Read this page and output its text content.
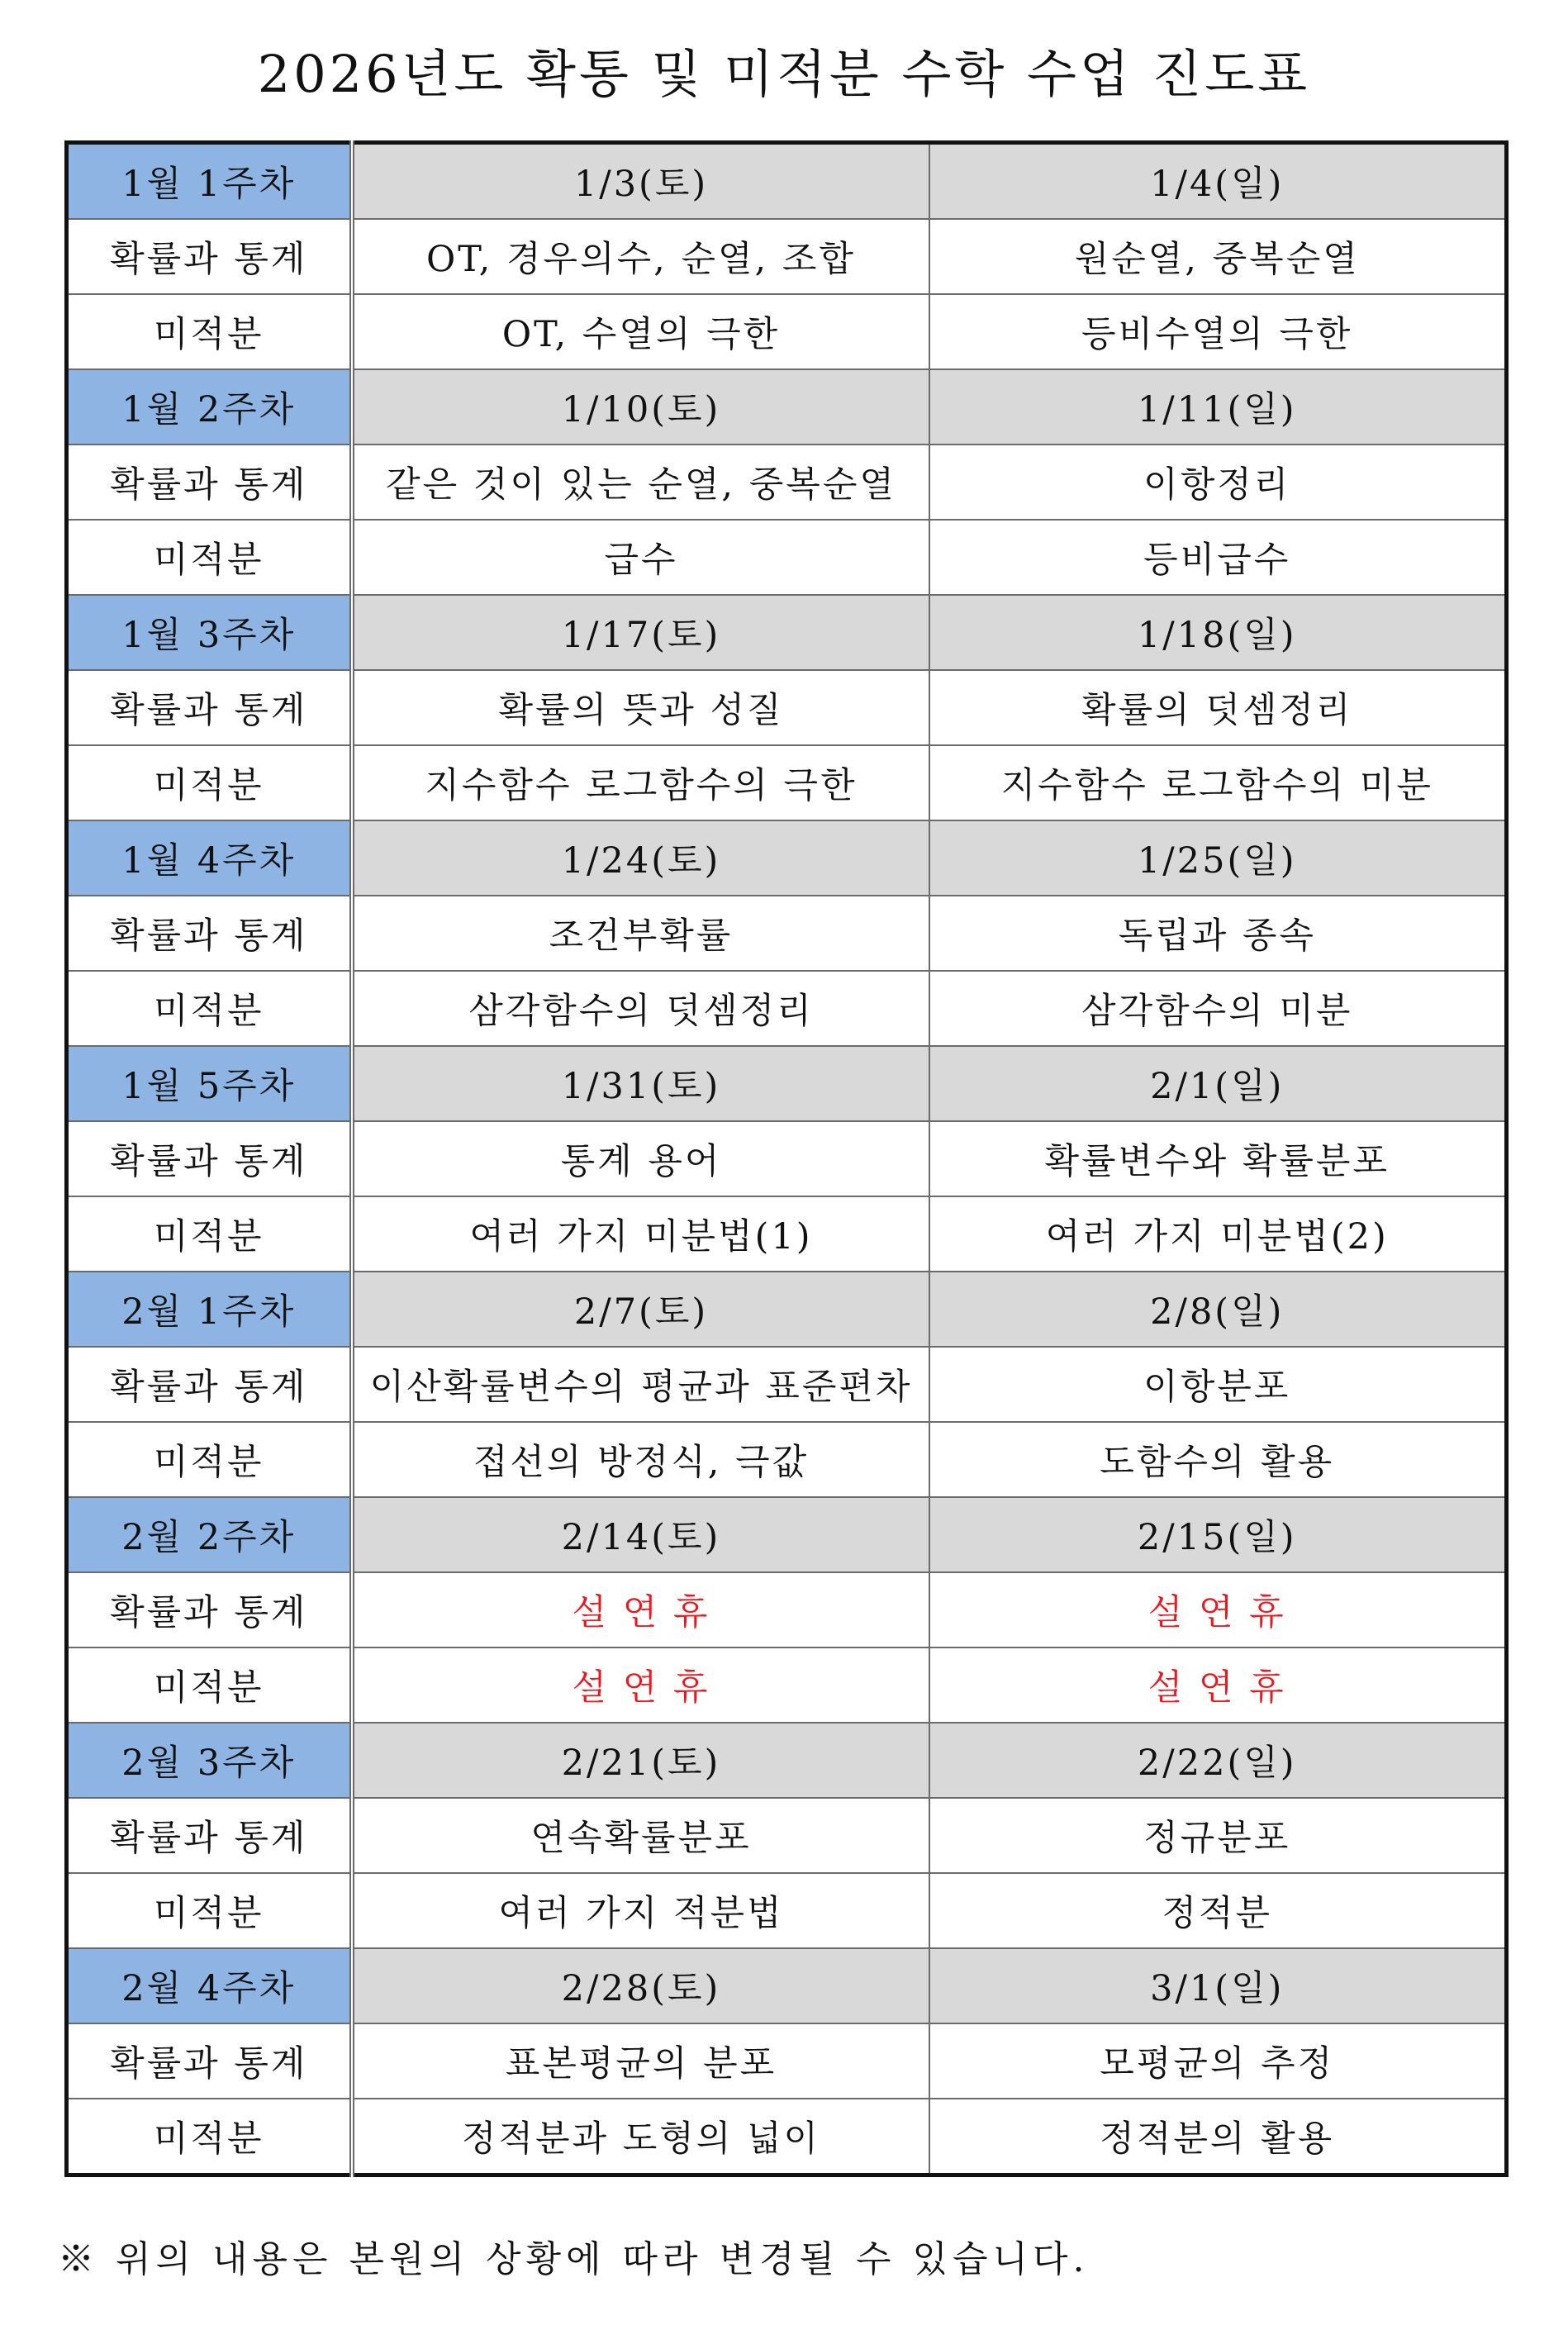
2026년도 확통 및 미적분 수학 수업 진도표
1월 1주차	1/3(토)	1/4(일)
확률과 통계	OT, 경우의수, 순열, 조합	원순열, 중복순열
미적분	OT, 수열의 극한	등비수열의 극한
1월 2주차	1/10(토)	1/11(일)
확률과 통계	같은 것이 있는 순열, 중복순열	이항정리
미적분	급수	등비급수
1월 3주차	1/17(토)	1/18(일)
확률과 통계	확률의 뜻과 성질	확률의 덧셈정리
미적분	지수함수 로그함수의 극한	지수함수 로그함수의 미분
1월 4주차	1/24(토)	1/25(일)
확률과 통계	조건부확률	독립과 종속
미적분	삼각함수의 덧셈정리	삼각함수의 미분
1월 5주차	1/31(토)	2/1(일)
확률과 통계	통계 용어	확률변수와 확률분포
미적분	여러 가지 미분법(1)	여러 가지 미분법(2)
2월 1주차	2/7(토)	2/8(일)
확률과 통계	이산확률변수의 평균과 표준편차	이항분포
미적분	접선의 방정식, 극값	도함수의 활용
2월 2주차	2/14(토)	2/15(일)
확률과 통계	설 연 휴	설 연 휴
미적분	설 연 휴	설 연 휴
2월 3주차	2/21(토)	2/22(일)
확률과 통계	연속확률분포	정규분포
미적분	여러 가지 적분법	정적분
2월 4주차	2/28(토)	3/1(일)
확률과 통계	표본평균의 분포	모평균의 추정
미적분	정적분과 도형의 넓이	정적분의 활용
※ 위의 내용은 본원의 상황에 따라 변경될 수 있습니다.
